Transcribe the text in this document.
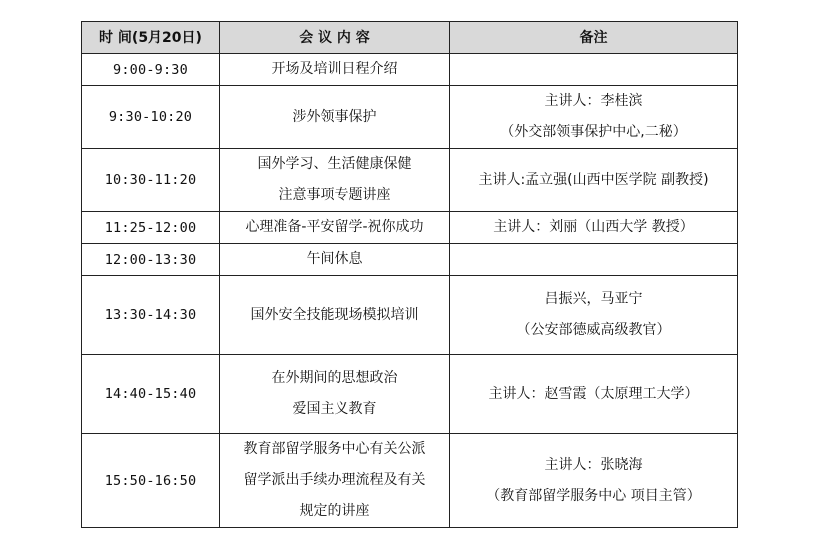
时 间(5月20日)	会 议 内 容	备注
9:00-9:30	开场及培训日程介绍	

9:30-10:20	涉外领事保护	主讲人：李桂滨
（外交部领事保护中心,二秘）

10:30-11:20	国外学习、生活健康保健
注意事项专题讲座	主讲人:孟立强(山西中医学院 副教授)

11:25-12:00	心理准备-平安留学-祝你成功	主讲人：刘丽（山西大学 教授）

12:00-13:30	午间休息	

13:30-14:30	国外安全技能现场模拟培训	吕振兴，马亚宁
（公安部德威高级教官）

14:40-15:40	在外期间的思想政治
爱国主义教育	主讲人：赵雪霞（太原理工大学）

15:50-16:50	教育部留学服务中心有关公派
留学派出手续办理流程及有关
规定的讲座	主讲人：张晓海
（教育部留学服务中心 项目主管）
